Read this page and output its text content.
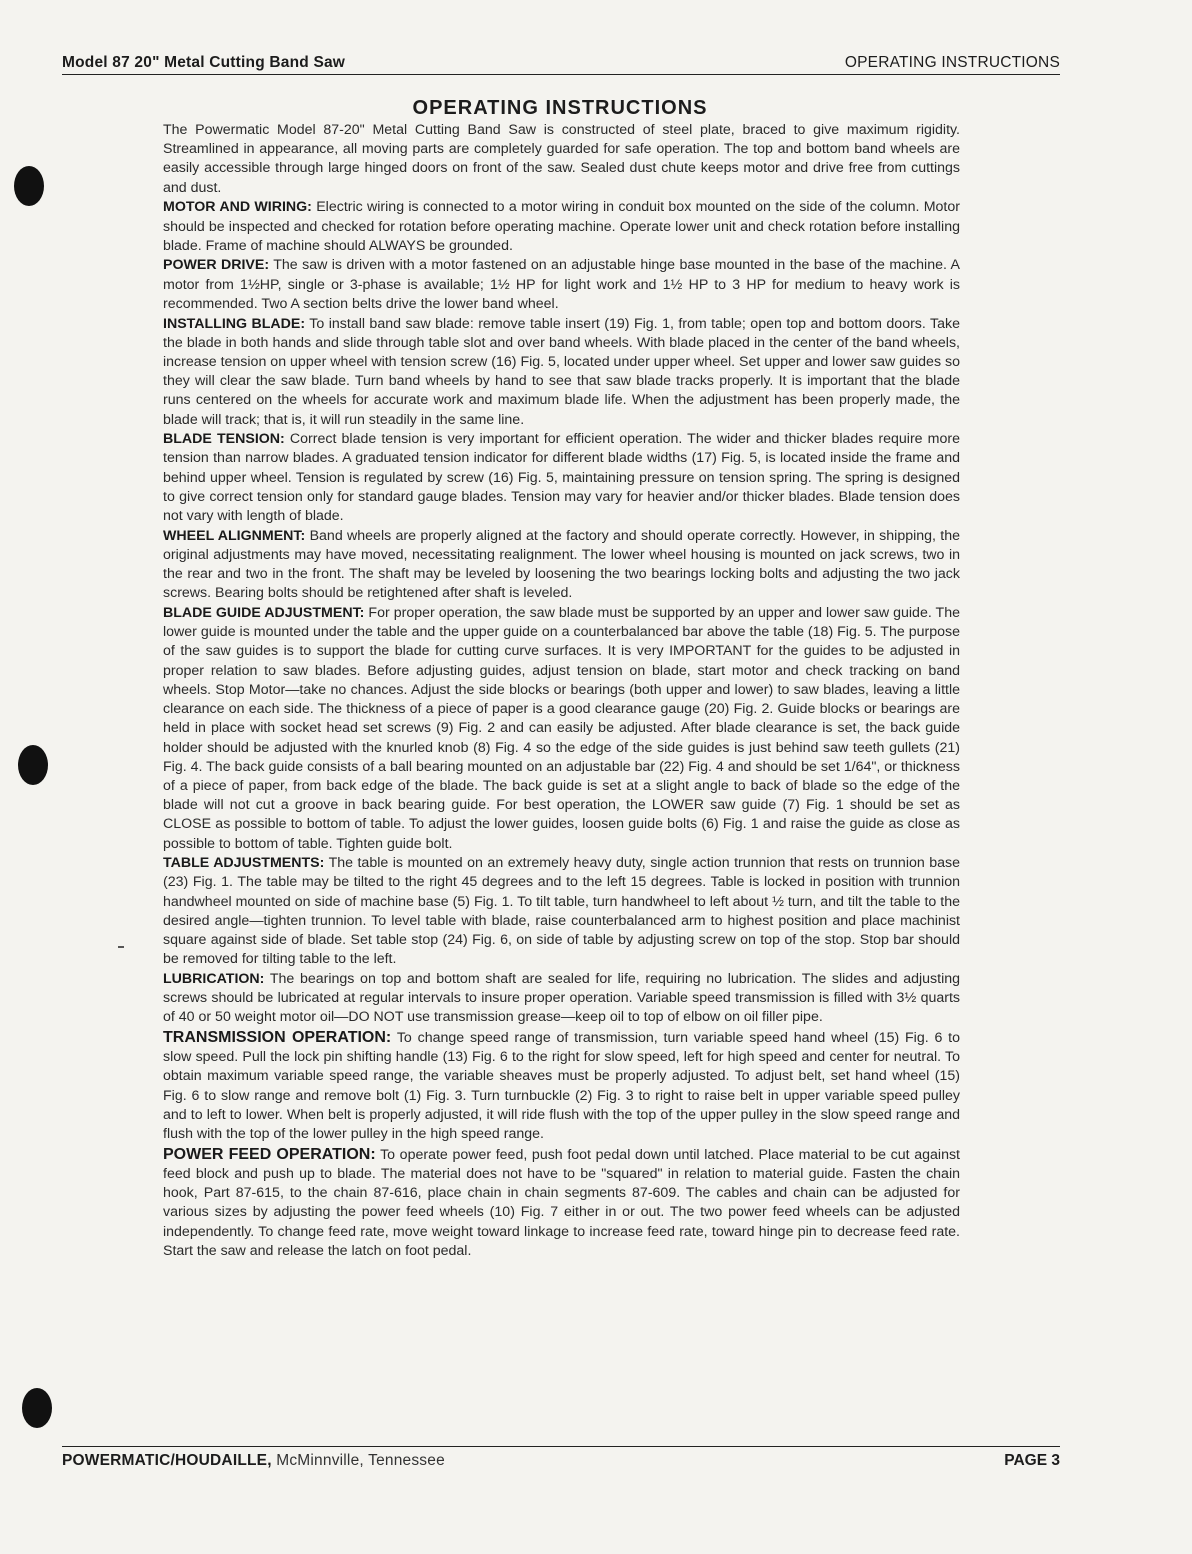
Model 87 20" Metal Cutting Band Saw	OPERATING INSTRUCTIONS
OPERATING INSTRUCTIONS

The Powermatic Model 87-20" Metal Cutting Band Saw is constructed of steel plate, braced to give maximum rigidity. Streamlined in appearance, all moving parts are completely guarded for safe operation. The top and bottom band wheels are easily accessible through large hinged doors on front of the saw. Sealed dust chute keeps motor and drive free from cuttings and dust.

MOTOR AND WIRING: Electric wiring is connected to a motor wiring in conduit box mounted on the side of the column. Motor should be inspected and checked for rotation before operating machine. Operate lower unit and check rotation before installing blade. Frame of machine should ALWAYS be grounded.

POWER DRIVE: The saw is driven with a motor fastened on an adjustable hinge base mounted in the base of the machine. A motor from 1½HP, single or 3-phase is available; 1½ HP for light work and 1½ HP to 3 HP for medium to heavy work is recommended. Two A section belts drive the lower band wheel.

INSTALLING BLADE: To install band saw blade: remove table insert (19) Fig. 1, from table; open top and bottom doors. Take the blade in both hands and slide through table slot and over band wheels. With blade placed in the center of the band wheels, increase tension on upper wheel with tension screw (16) Fig. 5, located under upper wheel. Set upper and lower saw guides so they will clear the saw blade. Turn band wheels by hand to see that saw blade tracks properly. It is important that the blade runs centered on the wheels for accurate work and maximum blade life. When the adjustment has been properly made, the blade will track; that is, it will run steadily in the same line.

BLADE TENSION: Correct blade tension is very important for efficient operation. The wider and thicker blades require more tension than narrow blades. A graduated tension indicator for different blade widths (17) Fig. 5, is located inside the frame and behind upper wheel. Tension is regulated by screw (16) Fig. 5, maintaining pressure on tension spring. The spring is designed to give correct tension only for standard gauge blades. Tension may vary for heavier and/or thicker blades. Blade tension does not vary with length of blade.

WHEEL ALIGNMENT: Band wheels are properly aligned at the factory and should operate correctly. However, in shipping, the original adjustments may have moved, necessitating realignment. The lower wheel housing is mounted on jack screws, two in the rear and two in the front. The shaft may be leveled by loosening the two bearings locking bolts and adjusting the two jack screws. Bearing bolts should be retightened after shaft is leveled.

BLADE GUIDE ADJUSTMENT: For proper operation, the saw blade must be supported by an upper and lower saw guide. The lower guide is mounted under the table and the upper guide on a counterbalanced bar above the table (18) Fig. 5. The purpose of the saw guides is to support the blade for cutting curve surfaces. It is very IMPORTANT for the guides to be adjusted in proper relation to saw blades. Before adjusting guides, adjust tension on blade, start motor and check tracking on band wheels. Stop Motor—take no chances. Adjust the side blocks or bearings (both upper and lower) to saw blades, leaving a little clearance on each side. The thickness of a piece of paper is a good clearance gauge (20) Fig. 2. Guide blocks or bearings are held in place with socket head set screws (9) Fig. 2 and can easily be adjusted. After blade clearance is set, the back guide holder should be adjusted with the knurled knob (8) Fig. 4 so the edge of the side guides is just behind saw teeth gullets (21) Fig. 4. The back guide consists of a ball bearing mounted on an adjustable bar (22) Fig. 4 and should be set 1/64", or thickness of a piece of paper, from back edge of the blade. The back guide is set at a slight angle to back of blade so the edge of the blade will not cut a groove in back bearing guide. For best operation, the LOWER saw guide (7) Fig. 1 should be set as CLOSE as possible to bottom of table. To adjust the lower guides, loosen guide bolts (6) Fig. 1 and raise the guide as close as possible to bottom of table. Tighten guide bolt.

TABLE ADJUSTMENTS: The table is mounted on an extremely heavy duty, single action trunnion that rests on trunnion base (23) Fig. 1. The table may be tilted to the right 45 degrees and to the left 15 degrees. Table is locked in position with trunnion handwheel mounted on side of machine base (5) Fig. 1. To tilt table, turn handwheel to left about ½ turn, and tilt the table to the desired angle—tighten trunnion. To level table with blade, raise counterbalanced arm to highest position and place machinist square against side of blade. Set table stop (24) Fig. 6, on side of table by adjusting screw on top of the stop. Stop bar should be removed for tilting table to the left.

LUBRICATION: The bearings on top and bottom shaft are sealed for life, requiring no lubrication. The slides and adjusting screws should be lubricated at regular intervals to insure proper operation. Variable speed transmission is filled with 3½ quarts of 40 or 50 weight motor oil—DO NOT use transmission grease—keep oil to top of elbow on oil filler pipe.

TRANSMISSION OPERATION: To change speed range of transmission, turn variable speed hand wheel (15) Fig. 6 to slow speed. Pull the lock pin shifting handle (13) Fig. 6 to the right for slow speed, left for high speed and center for neutral. To obtain maximum variable speed range, the variable sheaves must be properly adjusted. To adjust belt, set hand wheel (15) Fig. 6 to slow range and remove bolt (1) Fig. 3. Turn turnbuckle (2) Fig. 3 to right to raise belt in upper variable speed pulley and to left to lower. When belt is properly adjusted, it will ride flush with the top of the upper pulley in the slow speed range and flush with the top of the lower pulley in the high speed range.

POWER FEED OPERATION: To operate power feed, push foot pedal down until latched. Place material to be cut against feed block and push up to blade. The material does not have to be "squared" in relation to material guide. Fasten the chain hook, Part 87-615, to the chain 87-616, place chain in chain segments 87-609. The cables and chain can be adjusted for various sizes by adjusting the power feed wheels (10) Fig. 7 either in or out. The two power feed wheels can be adjusted independently. To change feed rate, move weight toward linkage to increase feed rate, toward hinge pin to decrease feed rate. Start the saw and release the latch on foot pedal.

POWERMATIC/HOUDAILLE, McMinnville, Tennessee	PAGE 3
